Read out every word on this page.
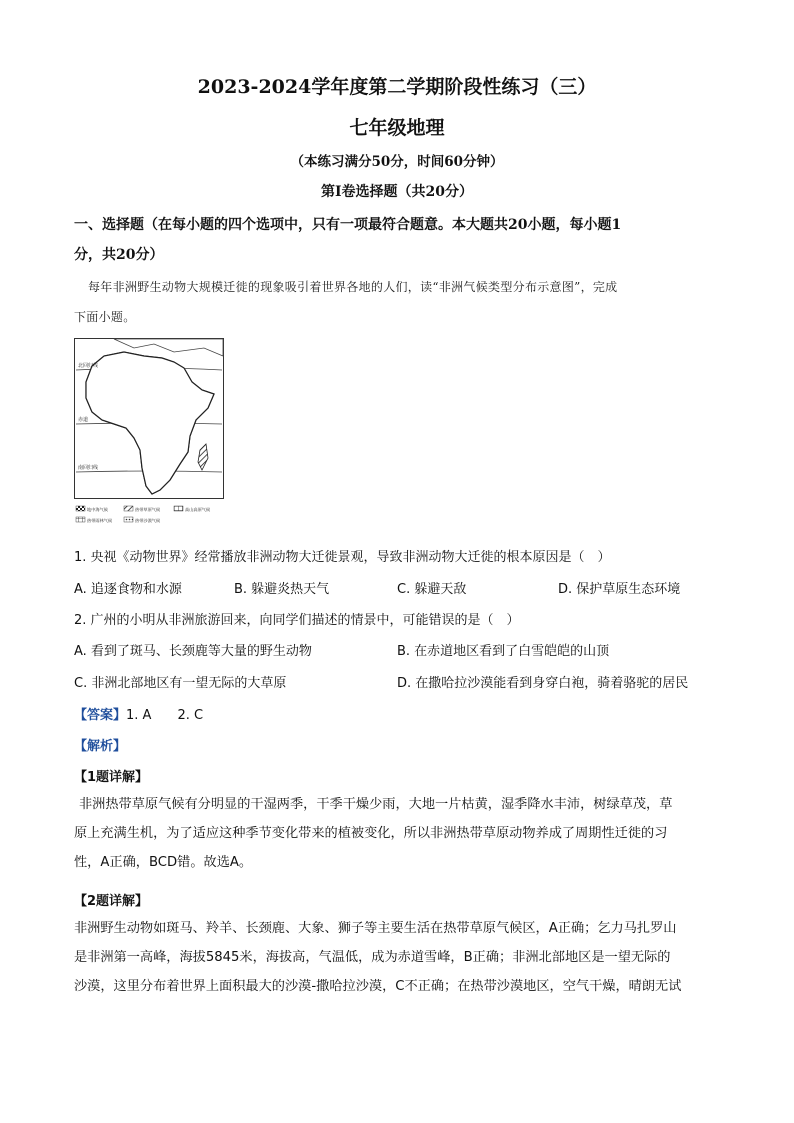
2023-2024学年度第二学期阶段性练习（三）
七年级地理
（本练习满分50分，时间60分钟）
第Ⅰ卷选择题（共20分）
一、选择题（在每小题的四个选项中，只有一项最符合题意。本大题共20小题，每小题1
分，共20分）
每年非洲野生动物大规模迁徙的现象吸引着世界各地的人们，读“非洲气候类型分布示意图”，完成
下面小题。
北回归线
赤道
南回归线
地中海气候	热带草原气候	高山高原气候
热带雨林气候	热带沙漠气候
1. 央视《动物世界》经常播放非洲动物大迁徙景观，导致非洲动物大迁徙的根本原因是（　）
A. 追逐食物和水源	B. 躲避炎热天气	C. 躲避天敌	D. 保护草原生态环境
2. 广州的小明从非洲旅游回来，向同学们描述的情景中，可能错误的是（　）
A. 看到了斑马、长颈鹿等大量的野生动物	B. 在赤道地区看到了白雪皑皑的山顶
C. 非洲北部地区有一望无际的大草原	D. 在撒哈拉沙漠能看到身穿白袍，骑着骆驼的居民
【答案】1. A　　2. C
【解析】
【1题详解】
非洲热带草原气候有分明显的干湿两季，干季干燥少雨，大地一片枯黄，湿季降水丰沛，树绿草茂，草
原上充满生机，为了适应这种季节变化带来的植被变化，所以非洲热带草原动物养成了周期性迁徙的习
性，A正确，BCD错。故选A。
【2题详解】
非洲野生动物如斑马、羚羊、长颈鹿、大象、狮子等主要生活在热带草原气候区，A正确；乞力马扎罗山
是非洲第一高峰，海拔5845米，海拔高，气温低，成为赤道雪峰，B正确；非洲北部地区是一望无际的
沙漠，这里分布着世界上面积最大的沙漠-撒哈拉沙漠，C不正确；在热带沙漠地区，空气干燥，晴朗无试
